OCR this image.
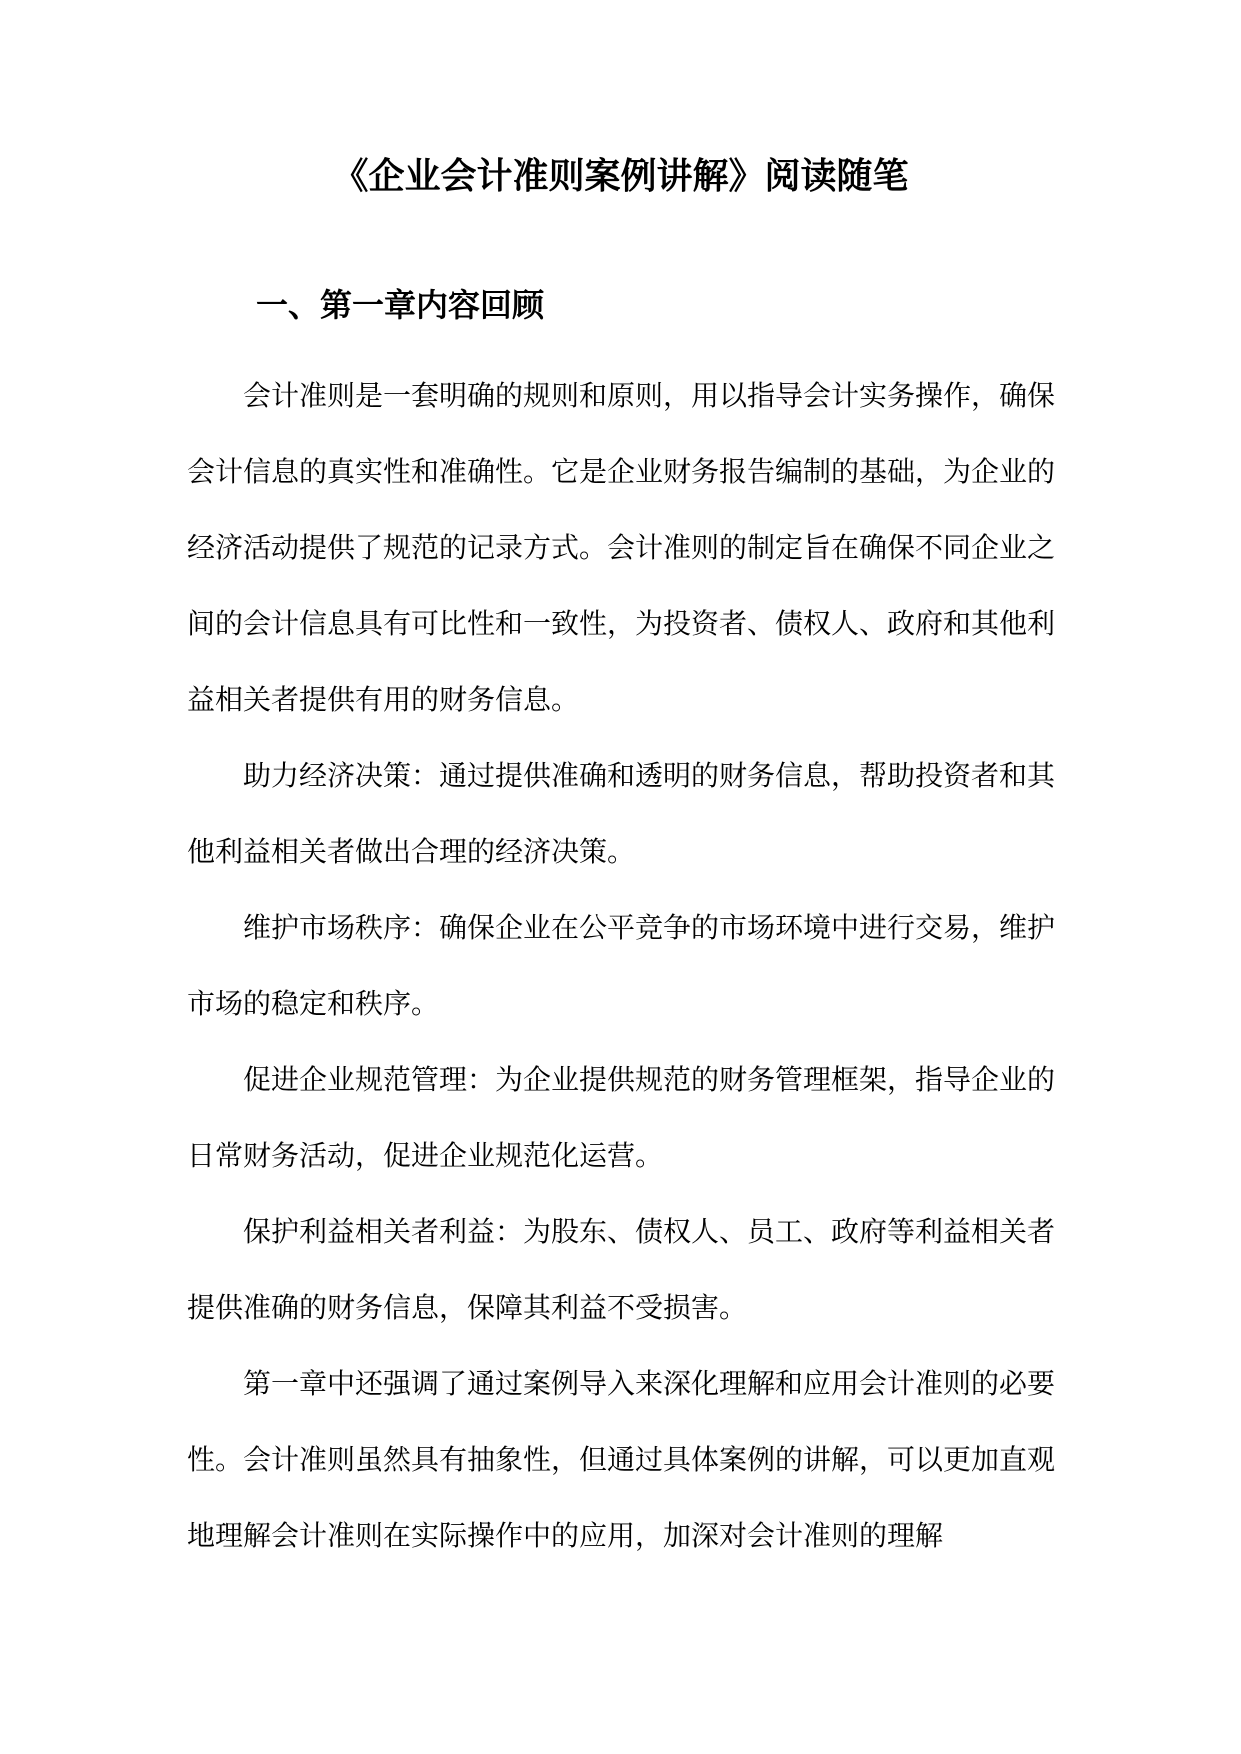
《企业会计准则案例讲解》阅读随笔
一、第一章内容回顾

会计准则是一套明确的规则和原则，用以指导会计实务操作，确保会计信息的真实性和准确性。它是企业财务报告编制的基础，为企业的经济活动提供了规范的记录方式。会计准则的制定旨在确保不同企业之间的会计信息具有可比性和一致性，为投资者、债权人、政府和其他利益相关者提供有用的财务信息。

助力经济决策：通过提供准确和透明的财务信息，帮助投资者和其他利益相关者做出合理的经济决策。

维护市场秩序：确保企业在公平竞争的市场环境中进行交易，维护市场的稳定和秩序。

促进企业规范管理：为企业提供规范的财务管理框架，指导企业的日常财务活动，促进企业规范化运营。

保护利益相关者利益：为股东、债权人、员工、政府等利益相关者提供准确的财务信息，保障其利益不受损害。

第一章中还强调了通过案例导入来深化理解和应用会计准则的必要性。会计准则虽然具有抽象性，但通过具体案例的讲解，可以更加直观地理解会计准则在实际操作中的应用，加深对会计准则的理解
